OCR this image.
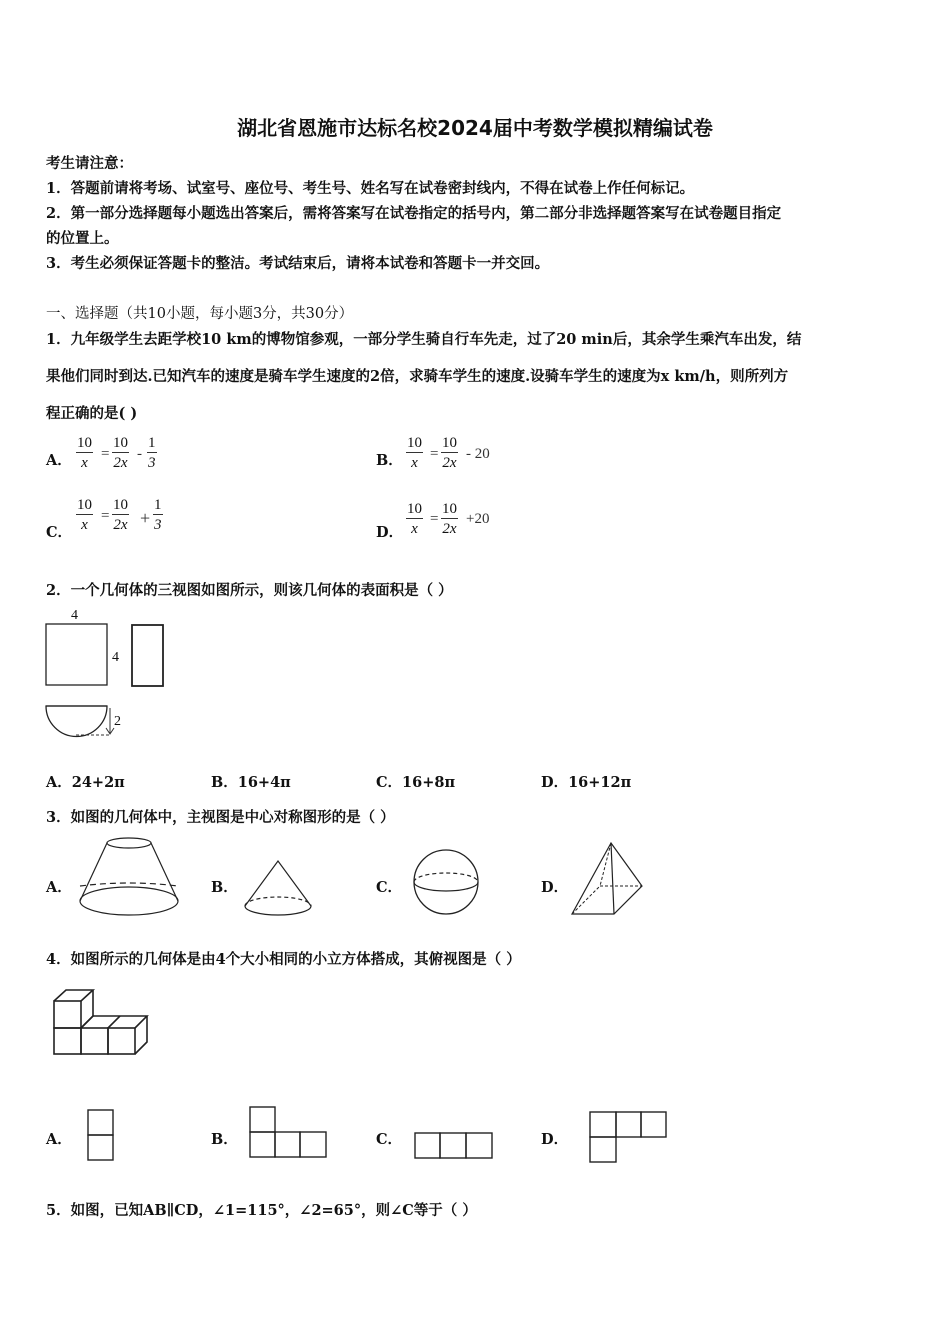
湖北省恩施市达标名校2024届中考数学模拟精编试卷
考生请注意：
1．答题前请将考场、试室号、座位号、考生号、姓名写在试卷密封线内，不得在试卷上作任何标记。
2．第一部分选择题每小题选出答案后，需将答案写在试卷指定的括号内，第二部分非选择题答案写在试卷题目指定
的位置上。
3．考生必须保证答题卡的整洁。考试结束后，请将本试卷和答题卡一并交回。
一、选择题（共10小题，每小题3分，共30分）
1．九年级学生去距学校10 km的博物馆参观，一部分学生骑自行车先走，过了20 min后，其余学生乘汽车出发，结
果他们同时到达.已知汽车的速度是骑车学生速度的2倍，求骑车学生的速度.设骑车学生的速度为x km/h，则所列方
程正确的是( )
A． $\frac{10}{x} = \frac{10}{2x} - \frac{1}{3}$	B． $\frac{10}{x} = \frac{10}{2x} - 20$
C． $\frac{10}{x} = \frac{10}{2x} + \frac{1}{3}$	D． $\frac{10}{x} = \frac{10}{2x} +20$
2．一个几何体的三视图如图所示，则该几何体的表面积是（ ）
4
4
2
A．24+2π	B．16+4π	C．16+8π	D．16+12π
3．如图的几何体中，主视图是中心对称图形的是（ ）
A．	B．	C．	D．
4．如图所示的几何体是由4个大小相同的小立方体搭成，其俯视图是（ ）
A．	B．	C．	D．
5．如图，已知AB∥CD，∠1=115°，∠2=65°，则∠C等于（ ）
